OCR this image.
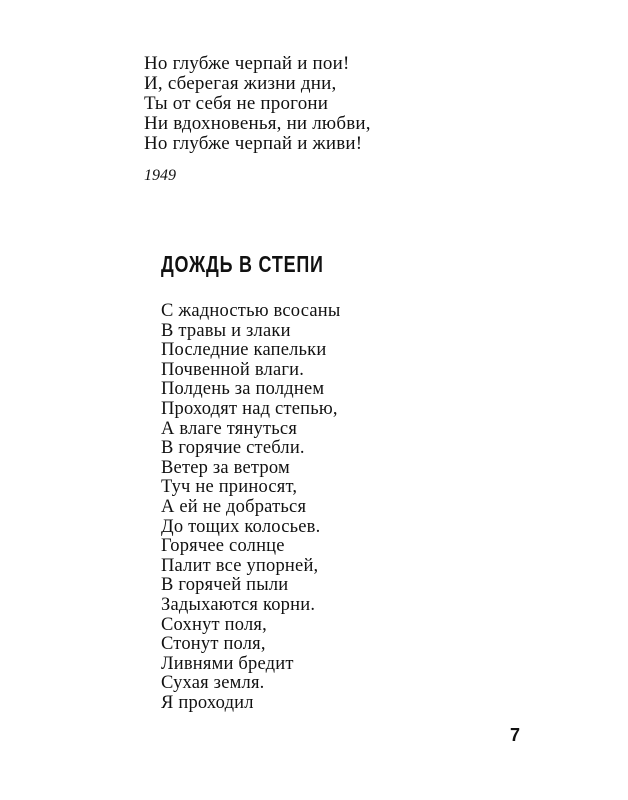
Но глубже черпай и пои!
И, сберегая жизни дни,
Ты от себя не прогони
Ни вдохновенья, ни любви,
Но глубже черпай и живи!
1949
ДОЖДЬ В СТЕПИ
С жадностью всосаны
В травы и злаки
Последние капельки
Почвенной влаги.
Полдень за полднем
Проходят над степью,
А влаге тянуться
В горячие стебли.
Ветер за ветром
Туч не приносят,
А ей не добраться
До тощих колосьев.
Горячее солнце
Палит все упорней,
В горячей пыли
Задыхаются корни.
Сохнут поля,
Стонут поля,
Ливнями бредит
Сухая земля.
Я проходил
7
